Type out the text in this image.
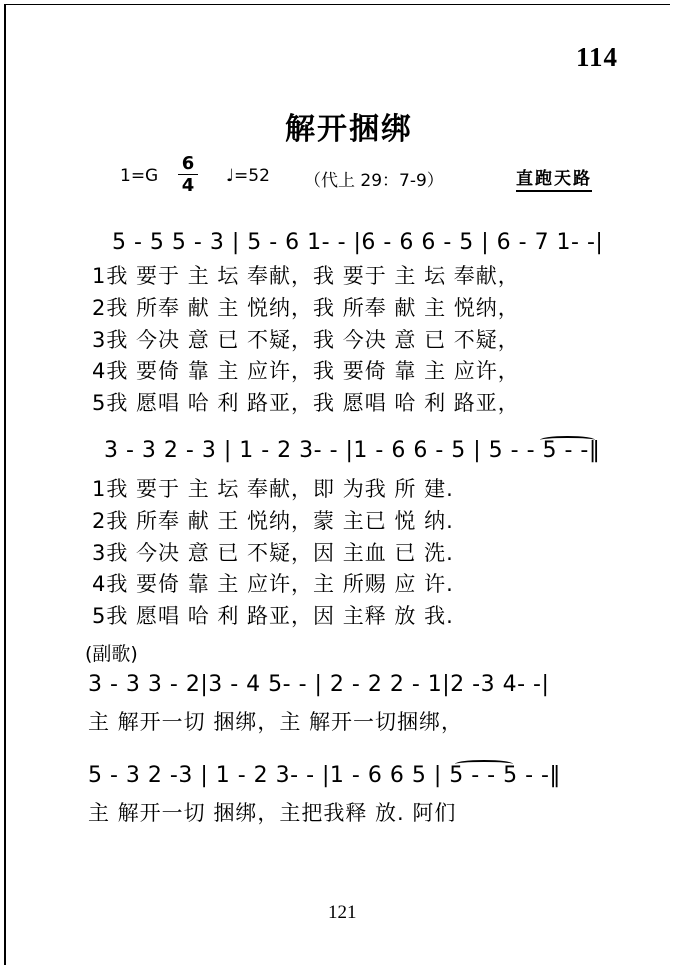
114
解开捆绑
1=G
6
4 ♩=52 （代上 29：7-9）	直跑天路
5 - 5 5 - 3 | 5 - 6 1- - |6 - 6 6 - 5 | 6 - 7 1- -|
1我 要于 主 坛 奉献，我 要于 主 坛 奉献，
2我 所奉 献 主 悦纳，我 所奉 献 主 悦纳，
3我 今决 意 已 不疑，我 今决 意 已 不疑，
4我 要倚 靠 主 应许，我 要倚 靠 主 应许，
5我 愿唱 哈 利 路亚，我 愿唱 哈 利 路亚，
3 - 3 2 - 3 | 1 - 2 3- - |1 - 6 6 - 5 | 5 - - 5 - -‖
1我 要于 主 坛 奉献，即 为我 所 建.
2我 所奉 献 王 悦纳，蒙 主已 悦 纳.
3我 今决 意 已 不疑，因 主血 已 洗.
4我 要倚 靠 主 应许，主 所赐 应 许.
5我 愿唱 哈 利 路亚，因 主释 放 我.
(副歌)
3 - 3 3 - 2|3 - 4 5- - | 2 - 2 2 - 1|2 -3 4- -|
主 解开一切 捆绑，主 解开一切捆绑，
5 - 3 2 -3 | 1 - 2 3- - |1 - 6 6 5 | 5 - - 5 - -‖
主 解开一切 捆绑，主把我释 放. 阿们
121
